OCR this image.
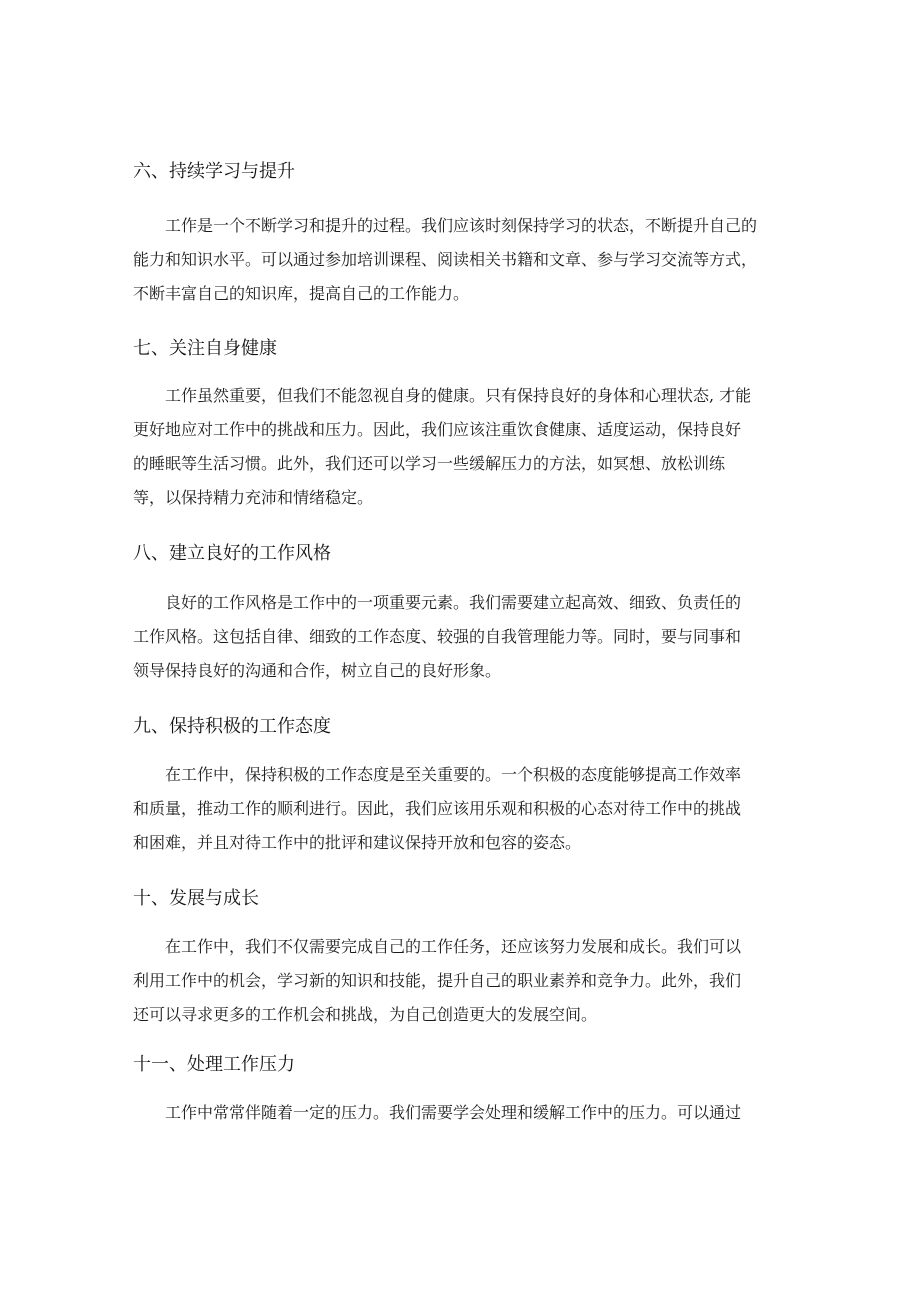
六、持续学习与提升

工作是一个不断学习和提升的过程。我们应该时刻保持学习的状态，不断提升自己的
能力和知识水平。可以通过参加培训课程、阅读相关书籍和文章、参与学习交流等方式，
不断丰富自己的知识库，提高自己的工作能力。

七、关注自身健康

工作虽然重要，但我们不能忽视自身的健康。只有保持良好的身体和心理状态, 才能
更好地应对工作中的挑战和压力。因此，我们应该注重饮食健康、适度运动，保持良好
的睡眠等生活习惯。此外，我们还可以学习一些缓解压力的方法，如冥想、放松训练
等，以保持精力充沛和情绪稳定。

八、建立良好的工作风格

良好的工作风格是工作中的一项重要元素。我们需要建立起高效、细致、负责任的
工作风格。这包括自律、细致的工作态度、较强的自我管理能力等。同时，要与同事和
领导保持良好的沟通和合作，树立自己的良好形象。

九、保持积极的工作态度

在工作中，保持积极的工作态度是至关重要的。一个积极的态度能够提高工作效率
和质量，推动工作的顺利进行。因此，我们应该用乐观和积极的心态对待工作中的挑战
和困难，并且对待工作中的批评和建议保持开放和包容的姿态。

十、发展与成长

在工作中，我们不仅需要完成自己的工作任务，还应该努力发展和成长。我们可以
利用工作中的机会，学习新的知识和技能，提升自己的职业素养和竞争力。此外，我们
还可以寻求更多的工作机会和挑战，为自己创造更大的发展空间。

十一、处理工作压力

工作中常常伴随着一定的压力。我们需要学会处理和缓解工作中的压力。可以通过
